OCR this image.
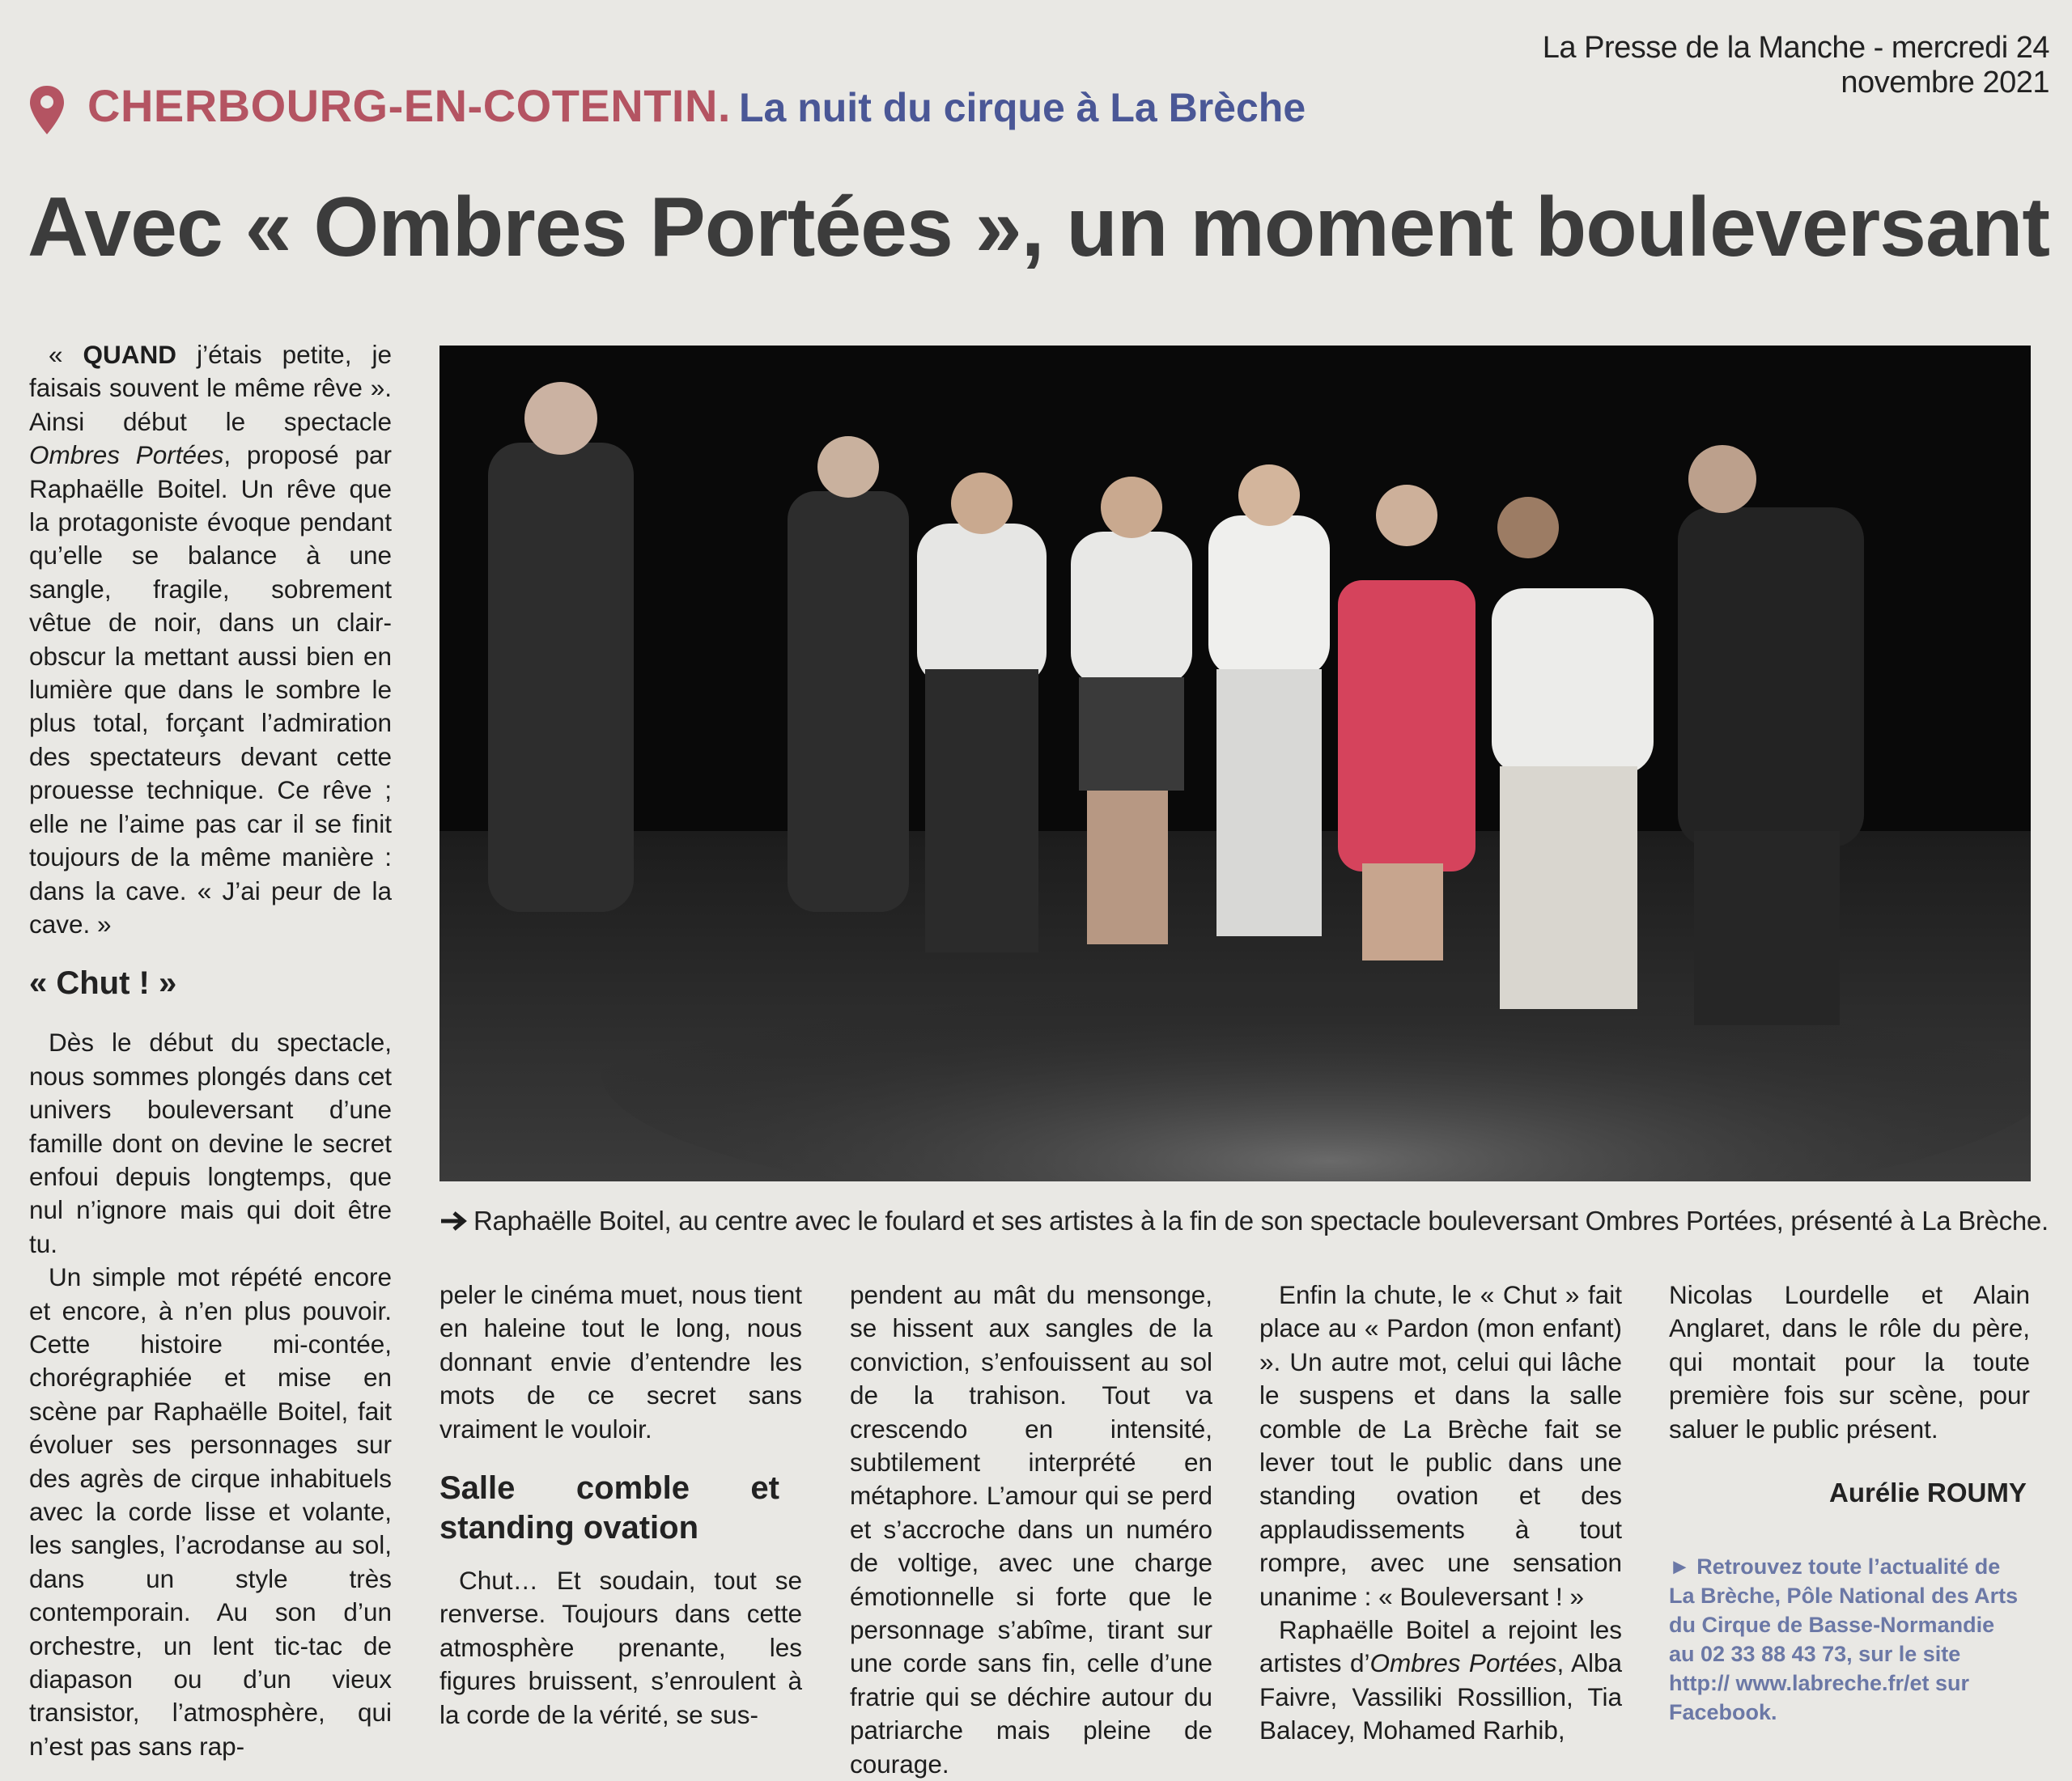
La Presse de la Manche - mercredi 24 novembre 2021
CHERBOURG-EN-COTENTIN. La nuit du cirque à La Brèche
Avec « Ombres Portées », un moment bouleversant

« QUAND j’étais petite, je faisais souvent le même rêve ». Ainsi début le spectacle Ombres Portées, proposé par Raphaëlle Boitel. Un rêve que la protagoniste évoque pendant qu’elle se balance à une sangle, fragile, sobrement vêtue de noir, dans un clair-obscur la mettant aussi bien en lumière que dans le sombre le plus total, forçant l’admiration des spectateurs devant cette prouesse technique. Ce rêve ; elle ne l’aime pas car il se finit toujours de la même manière : dans la cave. « J’ai peur de la cave. »

« Chut ! »

Dès le début du spectacle, nous sommes plongés dans cet univers bouleversant d’une famille dont on devine le secret enfoui depuis longtemps, que nul n’ignore mais qui doit être tu.

Un simple mot répété encore et encore, à n’en plus pouvoir. Cette histoire mi-contée, chorégraphiée et mise en scène par Raphaëlle Boitel, fait évoluer ses personnages sur des agrès de cirque inhabituels avec la corde lisse et volante, les sangles, l’acrodanse au sol, dans un style très contemporain. Au son d’un orchestre, un lent tic-tac de diapason ou d’un vieux transistor, l’atmosphère, qui n’est pas sans rap-

Raphaëlle Boitel, au centre avec le foulard et ses artistes à la fin de son spectacle bouleversant Ombres Portées, présenté à La Brèche.

peler le cinéma muet, nous tient en haleine tout le long, nous donnant envie d’entendre les mots de ce secret sans vraiment le vouloir.

Salle comble et standing ovation

Chut… Et soudain, tout se renverse. Toujours dans cette atmosphère prenante, les figures bruissent, s’enroulent à la corde de la vérité, se sus-

pendent au mât du mensonge, se hissent aux sangles de la conviction, s’enfouissent au sol de la trahison. Tout va crescendo en intensité, subtilement interprété en métaphore. L’amour qui se perd et s’accroche dans un numéro de voltige, avec une charge émotionnelle si forte que le personnage s’abîme, tirant sur une corde sans fin, celle d’une fratrie qui se déchire autour du patriarche mais pleine de courage.

Enfin la chute, le « Chut » fait place au « Pardon (mon enfant) ». Un autre mot, celui qui lâche le suspens et dans la salle comble de La Brèche fait se lever tout le public dans une standing ovation et des applaudissements à tout rompre, avec une sensation unanime : « Bouleversant ! »

Raphaëlle Boitel a rejoint les artistes d’Ombres Portées, Alba Faivre, Vassiliki Rossillion, Tia Balacey, Mohamed Rarhib,

Nicolas Lourdelle et Alain Anglaret, dans le rôle du père, qui montait pour la toute première fois sur scène, pour saluer le public présent.

Aurélie ROUMY
► Retrouvez toute l’actualité de La Brèche, Pôle National des Arts du Cirque de Basse-Normandie au 02 33 88 43 73, sur le site http:// www.labreche.fr/et sur Facebook.
